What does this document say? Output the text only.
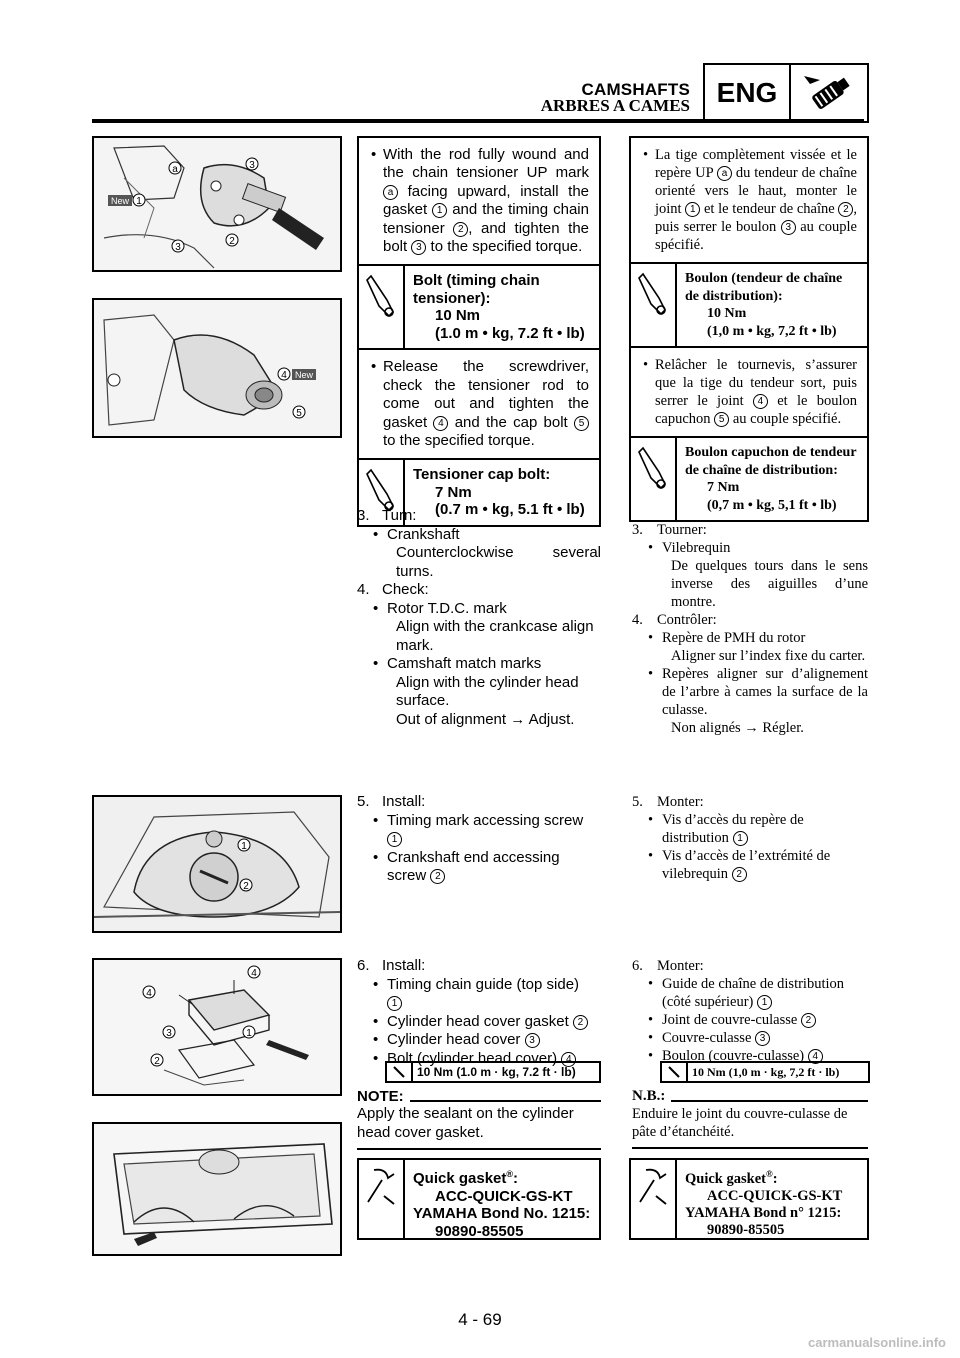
CAMSHAFTS
ARBRES A CAMES ENG
New
a
1
2
3
3
New
4
5
1
2
1
2
3
4
4
• With the rod fully wound and the chain tensioner UP mark a facing upward, install the gasket 1 and the timing chain tensioner 2 , and tighten the bolt 3 to the specified torque.
Bolt (timing chain tensioner):
10 Nm
(1.0 m • kg, 7.2 ft • lb)
• Release the screwdriver, check the tensioner rod to come out and tighten the gasket 4 and the cap bolt 5 to the specified torque.
Tensioner cap bolt:
7 Nm
(0.7 m • kg, 5.1 ft • lb)
3. Turn:
• Crankshaft
Counterclockwise several turns.
4. Check:
• Rotor T.D.C. mark
Align with the crankcase align mark.
• Camshaft match marks
Align with the cylinder head surface.
Out of alignment → Adjust.
5. Install:
• Timing mark accessing screw
1
• Crankshaft end accessing screw 2
6. Install:
• Timing chain guide (top side)
1
• Cylinder head cover gasket 2
• Cylinder head cover 3
• Bolt (cylinder head cover) 4
10 Nm (1.0 m · kg, 7.2 ft · lb)
NOTE:
Apply the sealant on the cylinder head cover gasket.
Quick gasket®:
ACC-QUICK-GS-KT
YAMAHA Bond No. 1215:
90890-85505
• La tige complètement vissée et le repère UP a du tendeur de chaîne orienté vers le haut, monter le joint 1 et le tendeur de chaîne 2 , puis serrer le boulon 3 au couple spécifié.
Boulon (tendeur de chaîne de distribution):
10 Nm
(1,0 m • kg, 7,2 ft • lb)
• Relâcher le tournevis, s’assurer que la tige du tendeur sort, puis serrer le joint 4 et le boulon capuchon 5 au couple spécifié.
Boulon capuchon de tendeur de chaîne de distribution:
7 Nm
(0,7 m • kg, 5,1 ft • lb)
3. Tourner:
• Vilebrequin
De quelques tours dans le sens inverse des aiguilles d’une montre.
4. Contrôler:
• Repère de PMH du rotor
Aligner sur l’index fixe du carter.
• Repères aligner sur d’alignement de l’arbre à cames la surface de la culasse.
Non alignés → Régler.
5. Monter:
• Vis d’accès du repère de distribution 1
• Vis d’accès de l’extrémité de vilebrequin 2
6. Monter:
• Guide de chaîne de distribution (côté supérieur) 1
• Joint de couvre-culasse 2
• Couvre-culasse 3
• Boulon (couvre-culasse) 4
10 Nm (1,0 m · kg, 7,2 ft · lb)
N.B.:
Enduire le joint du couvre-culasse de pâte d’étanchéité.
Quick gasket®:
ACC-QUICK-GS-KT
YAMAHA Bond n° 1215:
90890-85505
4 - 69
carmanualsonline.info
